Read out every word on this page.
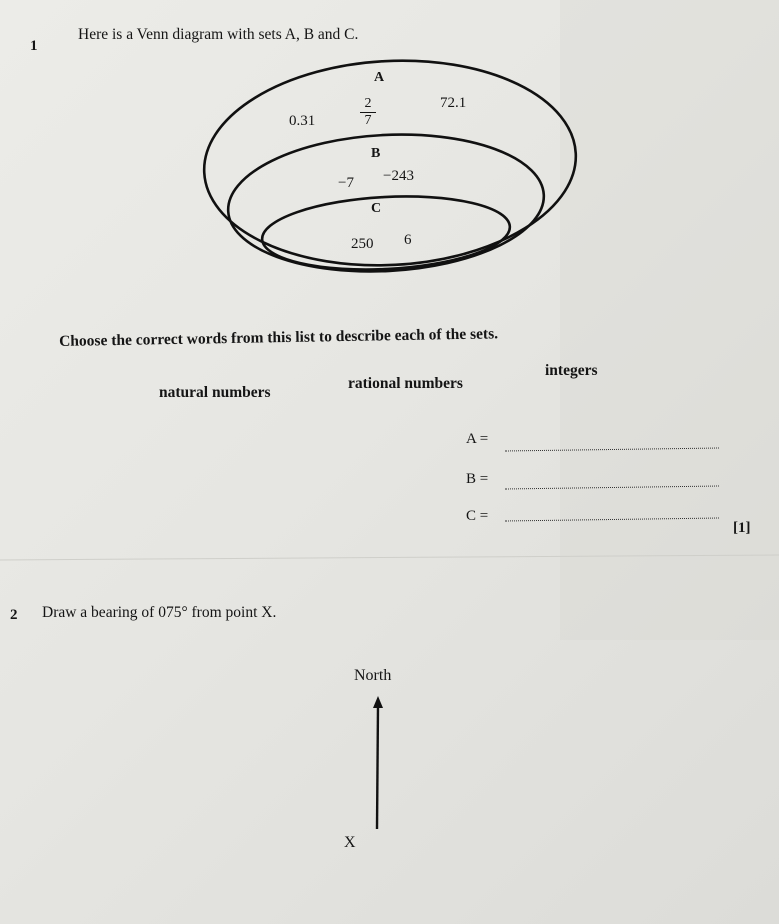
1
Here is a Venn diagram with sets A, B and C.
A
0.31
2
7
72.1
B
−7 −243
C
250 6
Choose the correct words from this list to describe each of the sets.
natural numbers
rational numbers
integers
A =
B =
C =
[1]
2 Draw a bearing of 075° from point X.
North
X
